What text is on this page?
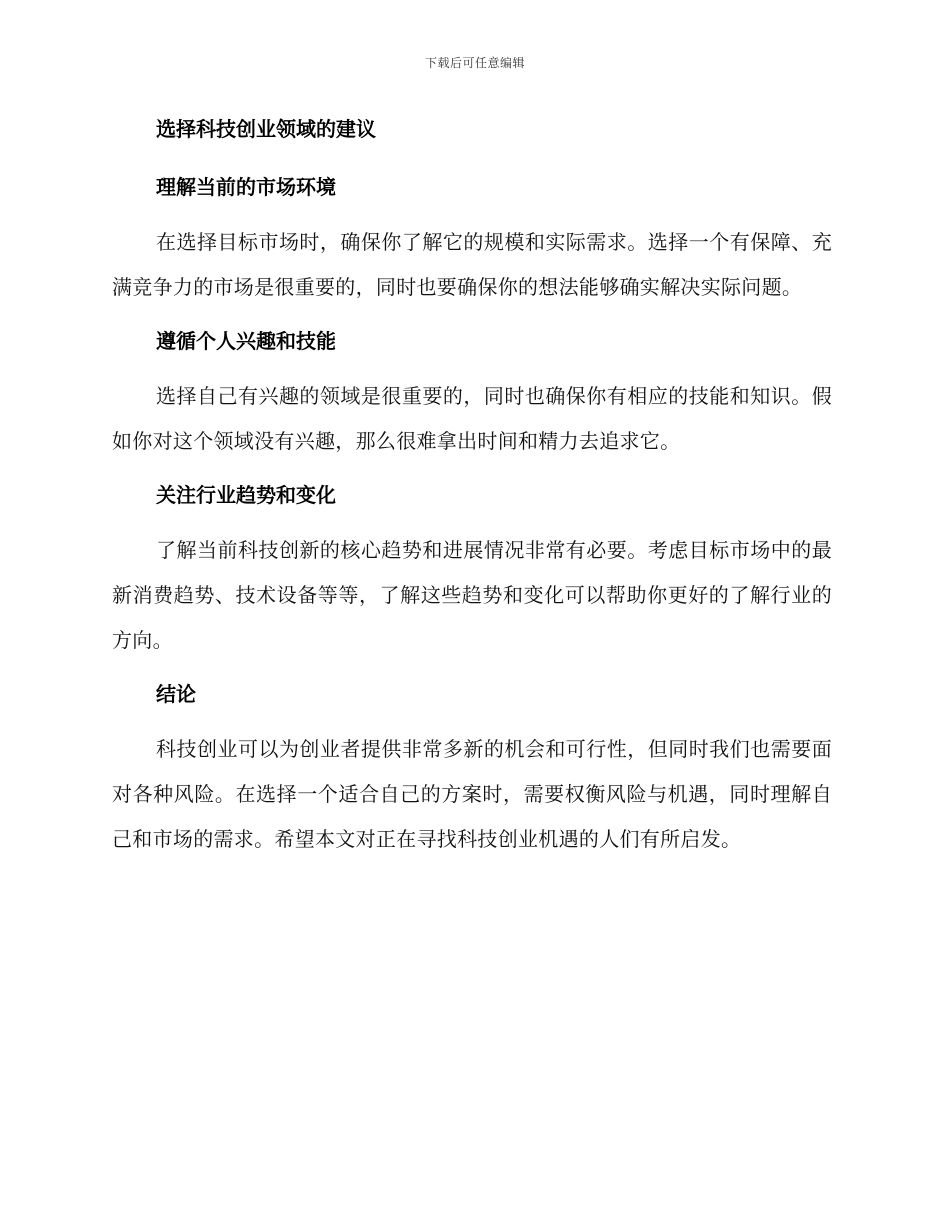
下载后可任意编辑
选择科技创业领域的建议
理解当前的市场环境

在选择目标市场时，确保你了解它的规模和实际需求。选择一个有保障、充满竞争力的市场是很重要的，同时也要确保你的想法能够确实解决实际问题。

遵循个人兴趣和技能

选择自己有兴趣的领域是很重要的，同时也确保你有相应的技能和知识。假如你对这个领域没有兴趣，那么很难拿出时间和精力去追求它。

关注行业趋势和变化

了解当前科技创新的核心趋势和进展情况非常有必要。考虑目标市场中的最新消费趋势、技术设备等等，了解这些趋势和变化可以帮助你更好的了解行业的方向。

结论

科技创业可以为创业者提供非常多新的机会和可行性，但同时我们也需要面对各种风险。在选择一个适合自己的方案时，需要权衡风险与机遇，同时理解自己和市场的需求。希望本文对正在寻找科技创业机遇的人们有所启发。
